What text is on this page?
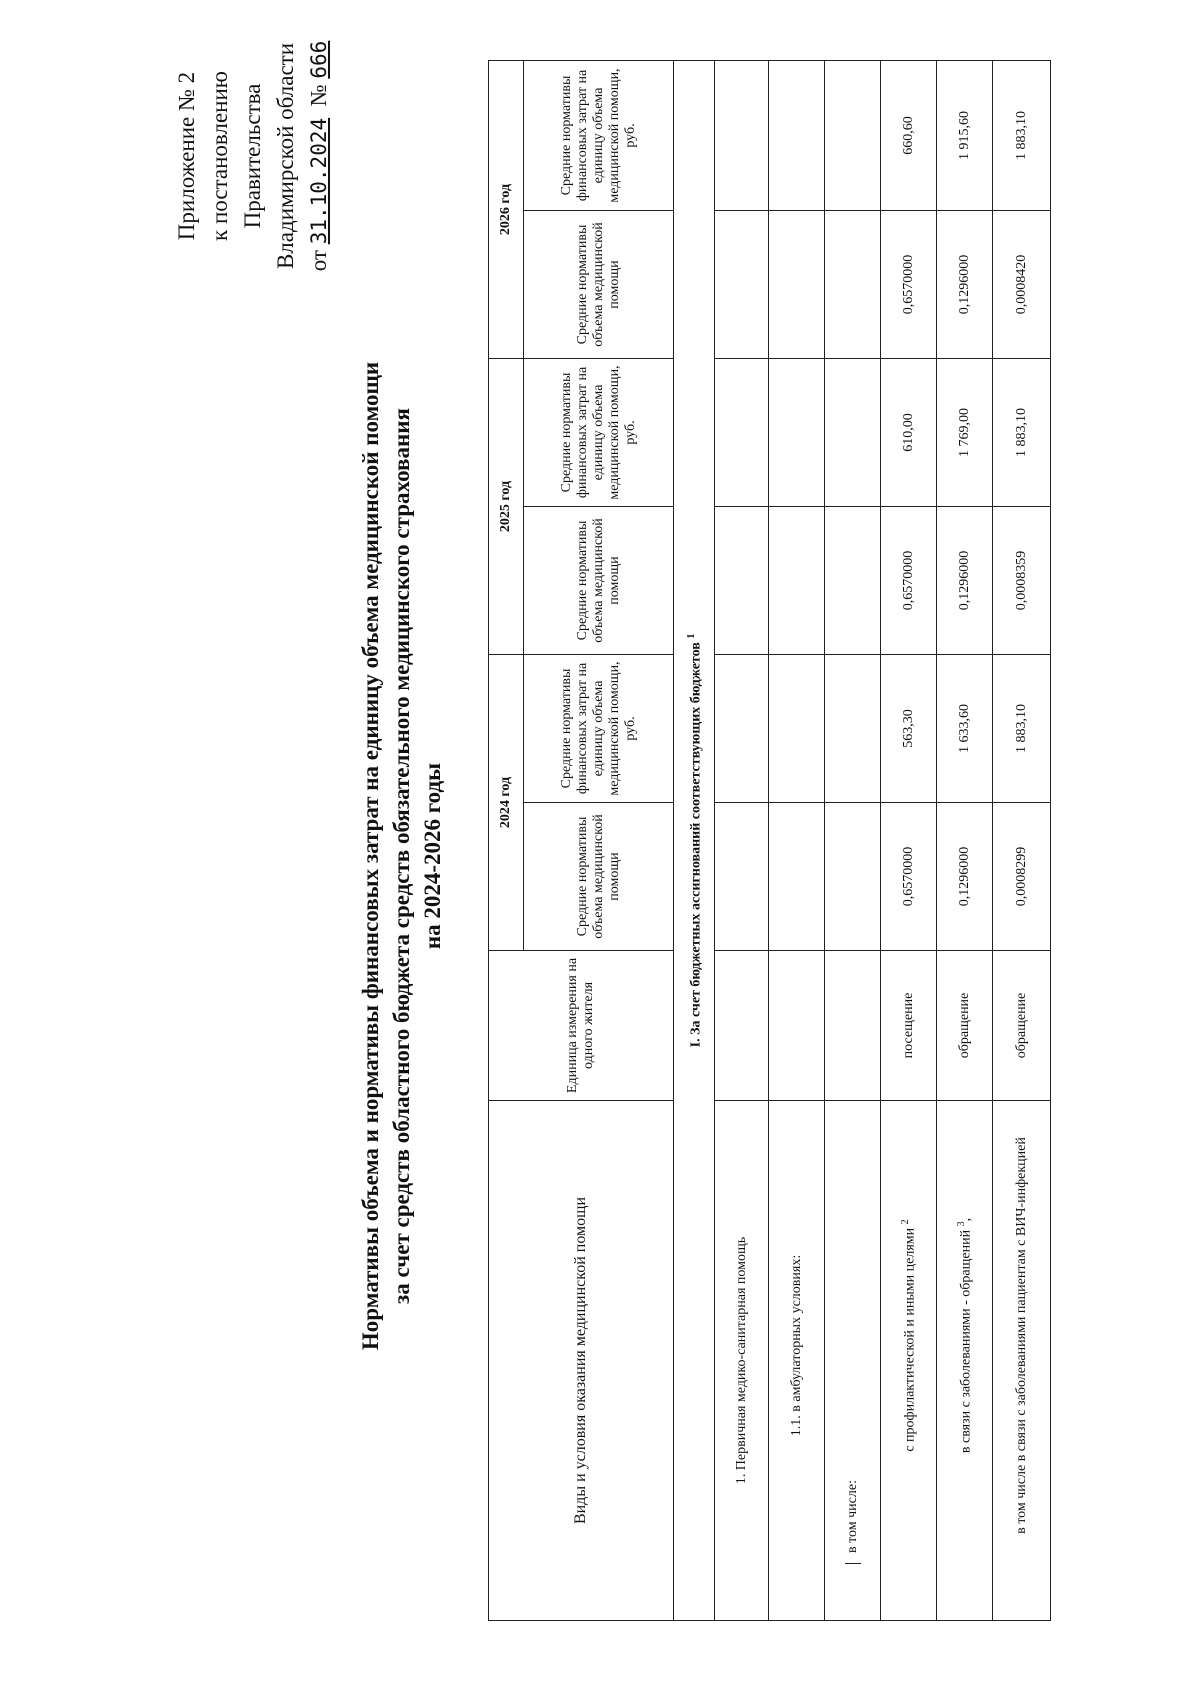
Приложение № 2 к постановлению Правительства Владимирской области от 31.10.2024  № 666
Нормативы объема и нормативы финансовых затрат на единицу объема медицинской помощи за счет средств областного бюджета средств обязательного медицинского страхования на 2024-2026 годы
Виды и условия оказания медицинской помощи	Единица измерения на одного жителя	2024 год		2025 год		2026 год	
		Средние нормативы объема медицинской помощи	Средние нормативы финансовых затрат на единицу объема медицинской помощи, руб.	Средние нормативы объема медицинской помощи	Средние нормативы финансовых затрат на единицу объема медицинской помощи, руб.	Средние нормативы объема медицинской помощи	Средние нормативы финансовых затрат на единицу объема медицинской помощи, руб.
I. За счет бюджетных ассигнований соответствующих бюджетов $^1$
1. Первичная медико-санитарная помощь							
1.1. в амбулаторных условиях:							

в том числе:							

с профилактической и иными целями $^2$	посещение	0,6570000	563,30	0,6570000	610,00	0,6570000	660,60
в связи с заболеваниями - обращений $^3$,	обращение	0,1296000	1 633,60	0,1296000	1 769,00	0,1296000	1 915,60
в том числе в связи с заболеваниями пациентам с ВИЧ-инфекцией	обращение	0,0008299	1 883,10	0,0008359	1 883,10	0,0008420	1 883,10
